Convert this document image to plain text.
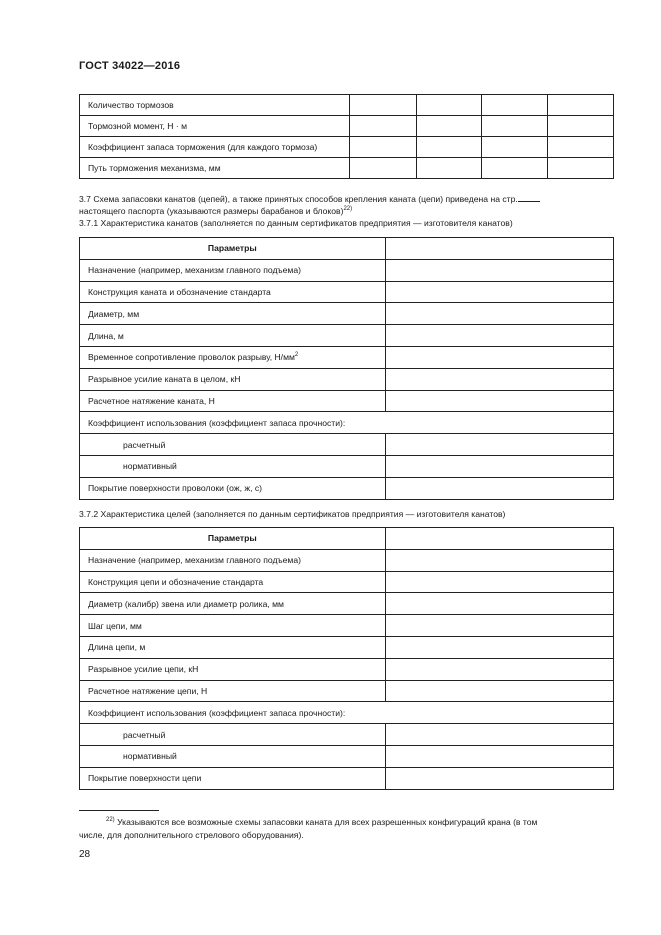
ГОСТ 34022—2016
Количество тормозов				
Тормозной момент, Н · м				
Коэффициент запаса торможения (для каждого тормоза)				
Путь торможения механизма, мм				
3.7 Схема запасовки канатов (цепей), а также принятых способов крепления каната (цепи) приведена на стр.
настоящего паспорта (указываются размеры барабанов и блоков)$^{22)}$
3.7.1 Характеристика канатов (заполняется по данным сертификатов предприятия — изготовителя канатов)
Параметры	
Назначение (например, механизм главного подъема)	
Конструкция каната и обозначение стандарта	
Диаметр, мм	
Длина, м	
Временное сопротивление проволок разрыву, $Н/мм^2$	
Разрывное усилие каната в целом, кН	
Расчетное натяжение каната, Н	
Коэффициент использования (коэффициент запаса прочности):	
расчетный	
нормативный	
Покрытие поверхности проволоки (ож, ж, с)	
3.7.2 Характеристика целей (заполняется по данным сертификатов предприятия — изготовителя канатов)
Параметры	
Назначение (например, механизм главного подъема)	
Конструкция цепи и обозначение стандарта	
Диаметр (калибр) звена или диаметр ролика, мм	
Шаг цепи, мм	
Длина цепи, м	
Разрывное усилие цепи, кН	
Расчетное натяжение цепи, Н	
Коэффициент использования (коэффициент запаса прочности):	
расчетный	
нормативный	
Покрытие поверхности цепи	

$^{22)}$ Указываются все возможные схемы запасовки каната для всех разрешенных конфигураций крана (в том

числе, для дополнительного стрелового оборудования).
28
